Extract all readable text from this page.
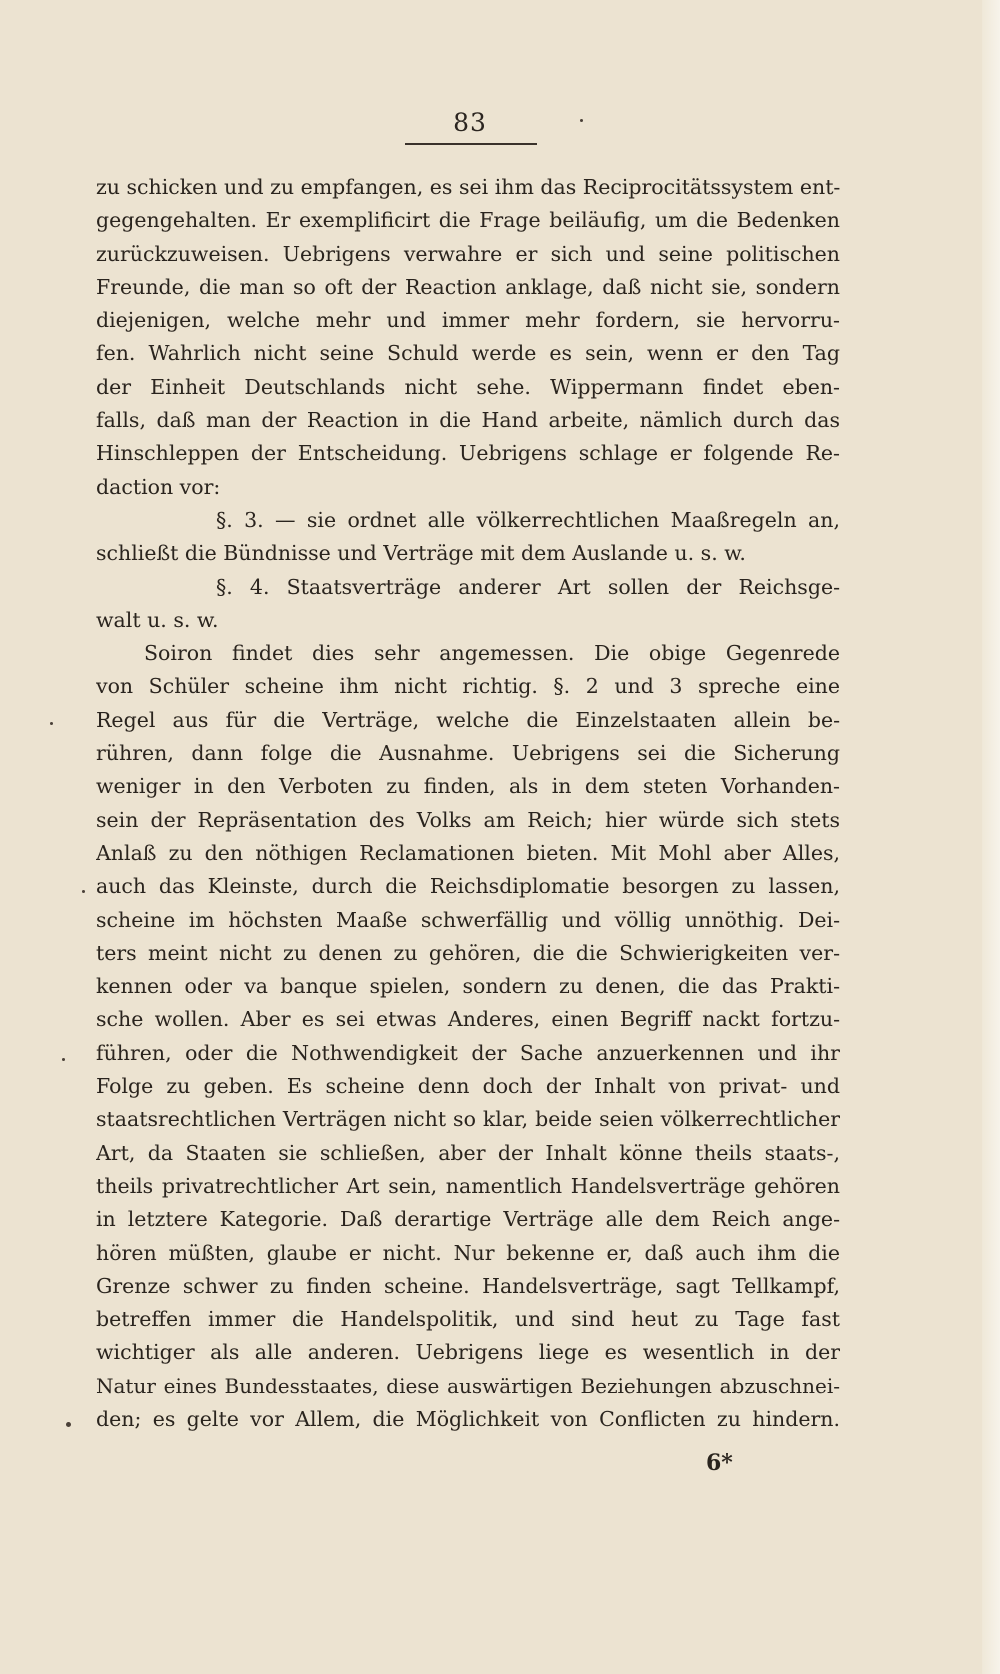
83
zu schicken und zu empfangen, es sei ihm das Reciprocitätssystem ent-
gegengehalten. Er exemplificirt die Frage beiläufig, um die Bedenken
zurückzuweisen. Uebrigens verwahre er sich und seine politischen
Freunde, die man so oft der Reaction anklage, daß nicht sie, sondern
diejenigen, welche mehr und immer mehr fordern, sie hervorru-
fen. Wahrlich nicht seine Schuld werde es sein, wenn er den Tag
der Einheit Deutschlands nicht sehe. Wippermann findet eben-
falls, daß man der Reaction in die Hand arbeite, nämlich durch das
Hinschleppen der Entscheidung. Uebrigens schlage er folgende Re-
daction vor:
§. 3. — sie ordnet alle völkerrechtlichen Maaßregeln an,
schließt die Bündnisse und Verträge mit dem Auslande u. s. w.
§. 4. Staatsverträge anderer Art sollen der Reichsge-
walt u. s. w.
Soiron findet dies sehr angemessen. Die obige Gegenrede
von Schüler scheine ihm nicht richtig. §. 2 und 3 spreche eine
Regel aus für die Verträge, welche die Einzelstaaten allein be-
rühren, dann folge die Ausnahme. Uebrigens sei die Sicherung
weniger in den Verboten zu finden, als in dem steten Vorhanden-
sein der Repräsentation des Volks am Reich; hier würde sich stets
Anlaß zu den nöthigen Reclamationen bieten. Mit Mohl aber Alles,
auch das Kleinste, durch die Reichsdiplomatie besorgen zu lassen,
scheine im höchsten Maaße schwerfällig und völlig unnöthig. Dei-
ters meint nicht zu denen zu gehören, die die Schwierigkeiten ver-
kennen oder va banque spielen, sondern zu denen, die das Prakti-
sche wollen. Aber es sei etwas Anderes, einen Begriff nackt fortzu-
führen, oder die Nothwendigkeit der Sache anzuerkennen und ihr
Folge zu geben. Es scheine denn doch der Inhalt von privat- und
staatsrechtlichen Verträgen nicht so klar, beide seien völkerrechtlicher
Art, da Staaten sie schließen, aber der Inhalt könne theils staats-,
theils privatrechtlicher Art sein, namentlich Handelsverträge gehören
in letztere Kategorie. Daß derartige Verträge alle dem Reich ange-
hören müßten, glaube er nicht. Nur bekenne er, daß auch ihm die
Grenze schwer zu finden scheine. Handelsverträge, sagt Tellkampf,
betreffen immer die Handelspolitik, und sind heut zu Tage fast
wichtiger als alle anderen. Uebrigens liege es wesentlich in der
Natur eines Bundesstaates, diese auswärtigen Beziehungen abzuschnei-
den; es gelte vor Allem, die Möglichkeit von Conflicten zu hindern.
6*
